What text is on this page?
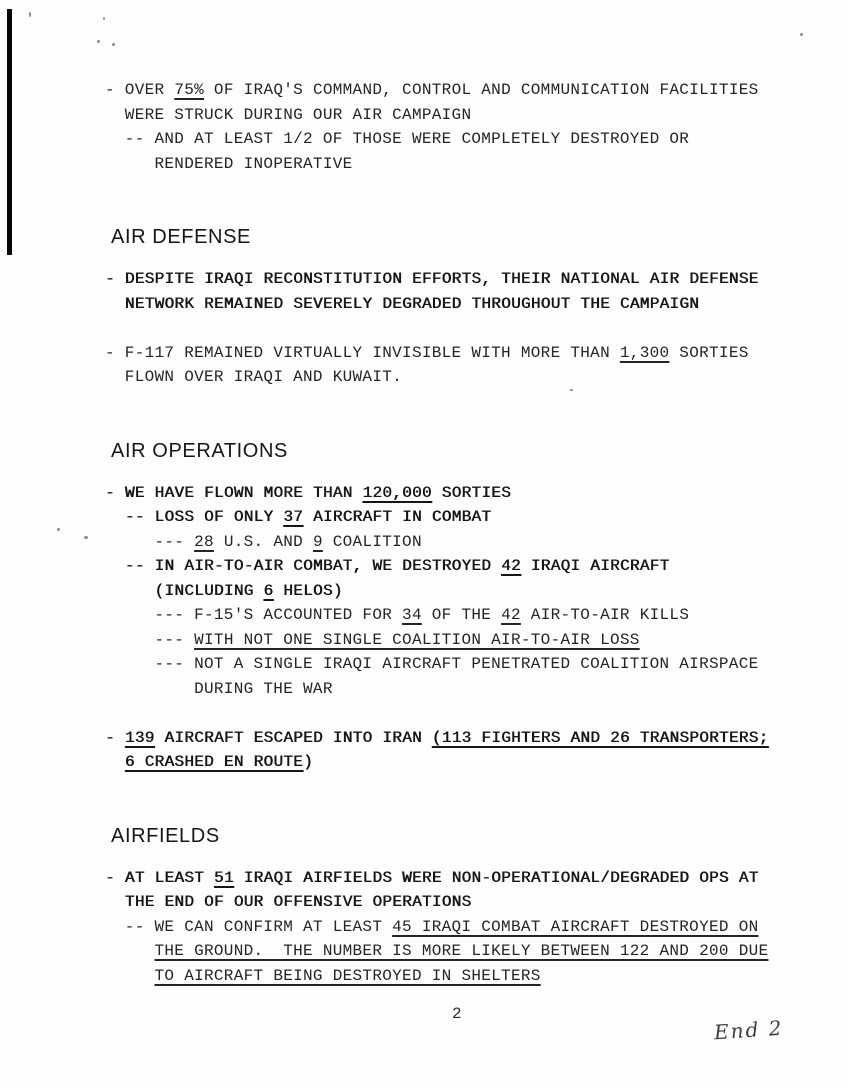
- OVER 75% OF IRAQ'S COMMAND, CONTROL AND COMMUNICATION FACILITIES

WERE STRUCK DURING OUR AIR CAMPAIGN

-- AND AT LEAST 1/2 OF THOSE WERE COMPLETELY DESTROYED OR

RENDERED INOPERATIVE

AIR DEFENSE

- DESPITE IRAQI RECONSTITUTION EFFORTS, THEIR NATIONAL AIR DEFENSE

NETWORK REMAINED SEVERELY DEGRADED THROUGHOUT THE CAMPAIGN

- F-117 REMAINED VIRTUALLY INVISIBLE WITH MORE THAN 1,300 SORTIES

FLOWN OVER IRAQI AND KUWAIT.

AIR OPERATIONS

- WE HAVE FLOWN MORE THAN 120,000 SORTIES

-- LOSS OF ONLY 37 AIRCRAFT IN COMBAT

--- 28 U.S. AND 9 COALITION

-- IN AIR-TO-AIR COMBAT, WE DESTROYED 42 IRAQI AIRCRAFT

(INCLUDING 6 HELOS)

--- F-15'S ACCOUNTED FOR 34 OF THE 42 AIR-TO-AIR KILLS

--- WITH NOT ONE SINGLE COALITION AIR-TO-AIR LOSS

--- NOT A SINGLE IRAQI AIRCRAFT PENETRATED COALITION AIRSPACE

DURING THE WAR

- 139 AIRCRAFT ESCAPED INTO IRAN (113 FIGHTERS AND 26 TRANSPORTERS;

6 CRASHED EN ROUTE)

AIRFIELDS

- AT LEAST 51 IRAQI AIRFIELDS WERE NON-OPERATIONAL/DEGRADED OPS AT

THE END OF OUR OFFENSIVE OPERATIONS

-- WE CAN CONFIRM AT LEAST 45 IRAQI COMBAT AIRCRAFT DESTROYED ON

THE GROUND.  THE NUMBER IS MORE LIKELY BETWEEN 122 AND 200 DUE

TO AIRCRAFT BEING DESTROYED IN SHELTERS

2
End 2
